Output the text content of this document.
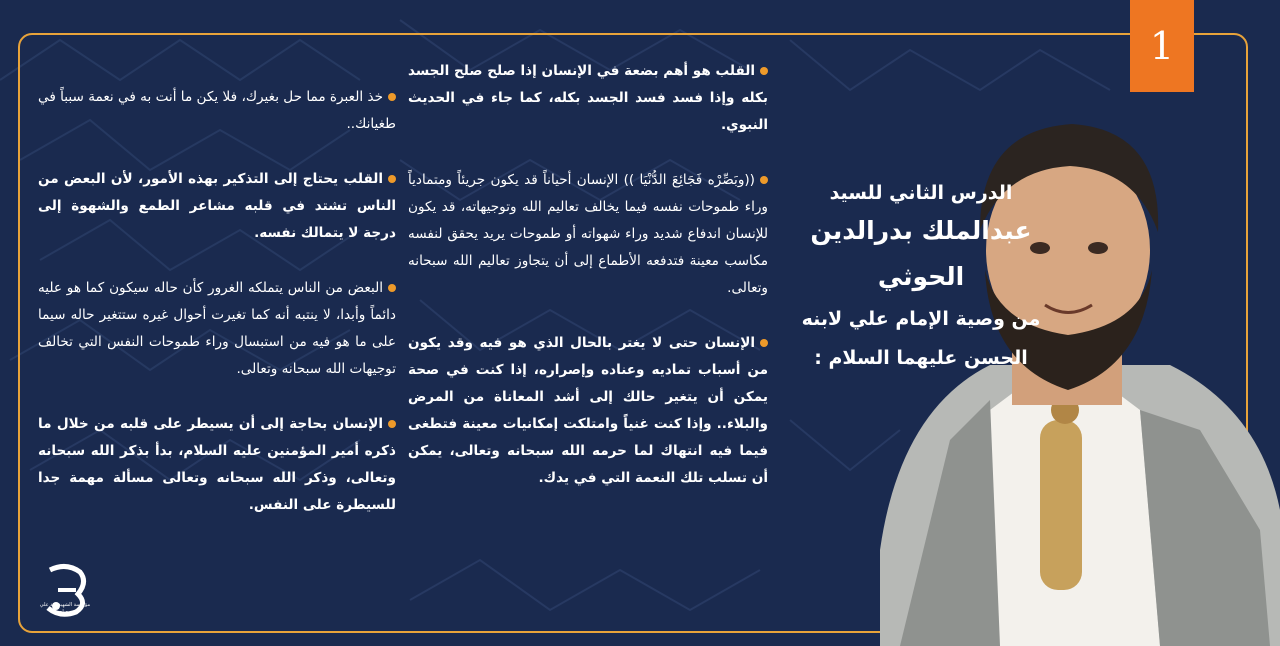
1
الدرس الثاني للسيد
عبدالملك بدرالدين الحوثي
من وصية الإمام علي لابنه
الحسن عليهما السلام :

القلب هو أهم بضعة في الإنسان إذا صلح صلح الجسد بكله وإذا فسد فسد الجسد بكله، كما جاء في الحديث النبوي.

((وبَصِّرْه فَجَائِعَ الدُّنْيَا )) الإنسان أحياناً قد يكون جريئاً ومتمادياً وراء طموحات نفسه فيما يخالف تعاليم الله وتوجيهاته، قد يكون للإنسان اندفاع شديد وراء شهواته أو طموحات يريد يحقق لنفسه مكاسب معينة فتدفعه الأطماع إلى أن يتجاوز تعاليم الله سبحانه وتعالى.

الإنسان حتى لا يغتر بالحال الذي هو فيه وقد يكون من أسباب تماديه وعناده وإصراره، إذا كنت في صحة يمكن أن يتغير حالك إلى أشد المعاناة من المرض والبلاء.. وإذا كنت غنياً وامتلكت إمكانيات معينة فتطغى فيما فيه انتهاك لما حرمه الله سبحانه وتعالى، يمكن أن تسلب تلك النعمة التي في يدك.

خذ العبرة مما حل بغيرك، فلا يكن ما أنت به في نعمة سبباً في طغيانك..

القلب يحتاج إلى التذكير بهذه الأمور، لأن البعض من الناس تشتد في قلبه مشاعر الطمع والشهوة إلى درجة لا يتمالك نفسه.

البعض من الناس يتملكه الغرور كأن حاله سيكون كما هو عليه دائماً وأبدا، لا ينتبه أنه كما تغيرت أحوال غيره ستتغير حاله سيما على ما هو فيه من استبسال وراء طموحات النفس التي تخالف توجيهات الله سبحانه وتعالى.

الإنسان بحاجة إلى أن يسيطر على قلبه من خلال ما ذكره أمير المؤمنين عليه السلام، بدأ بذكر الله سبحانه وتعالى، وذكر الله سبحانه وتعالى مسألة مهمة جدا للسيطرة على النفس.

مؤسسة الشهيد زيد علي مصلح
